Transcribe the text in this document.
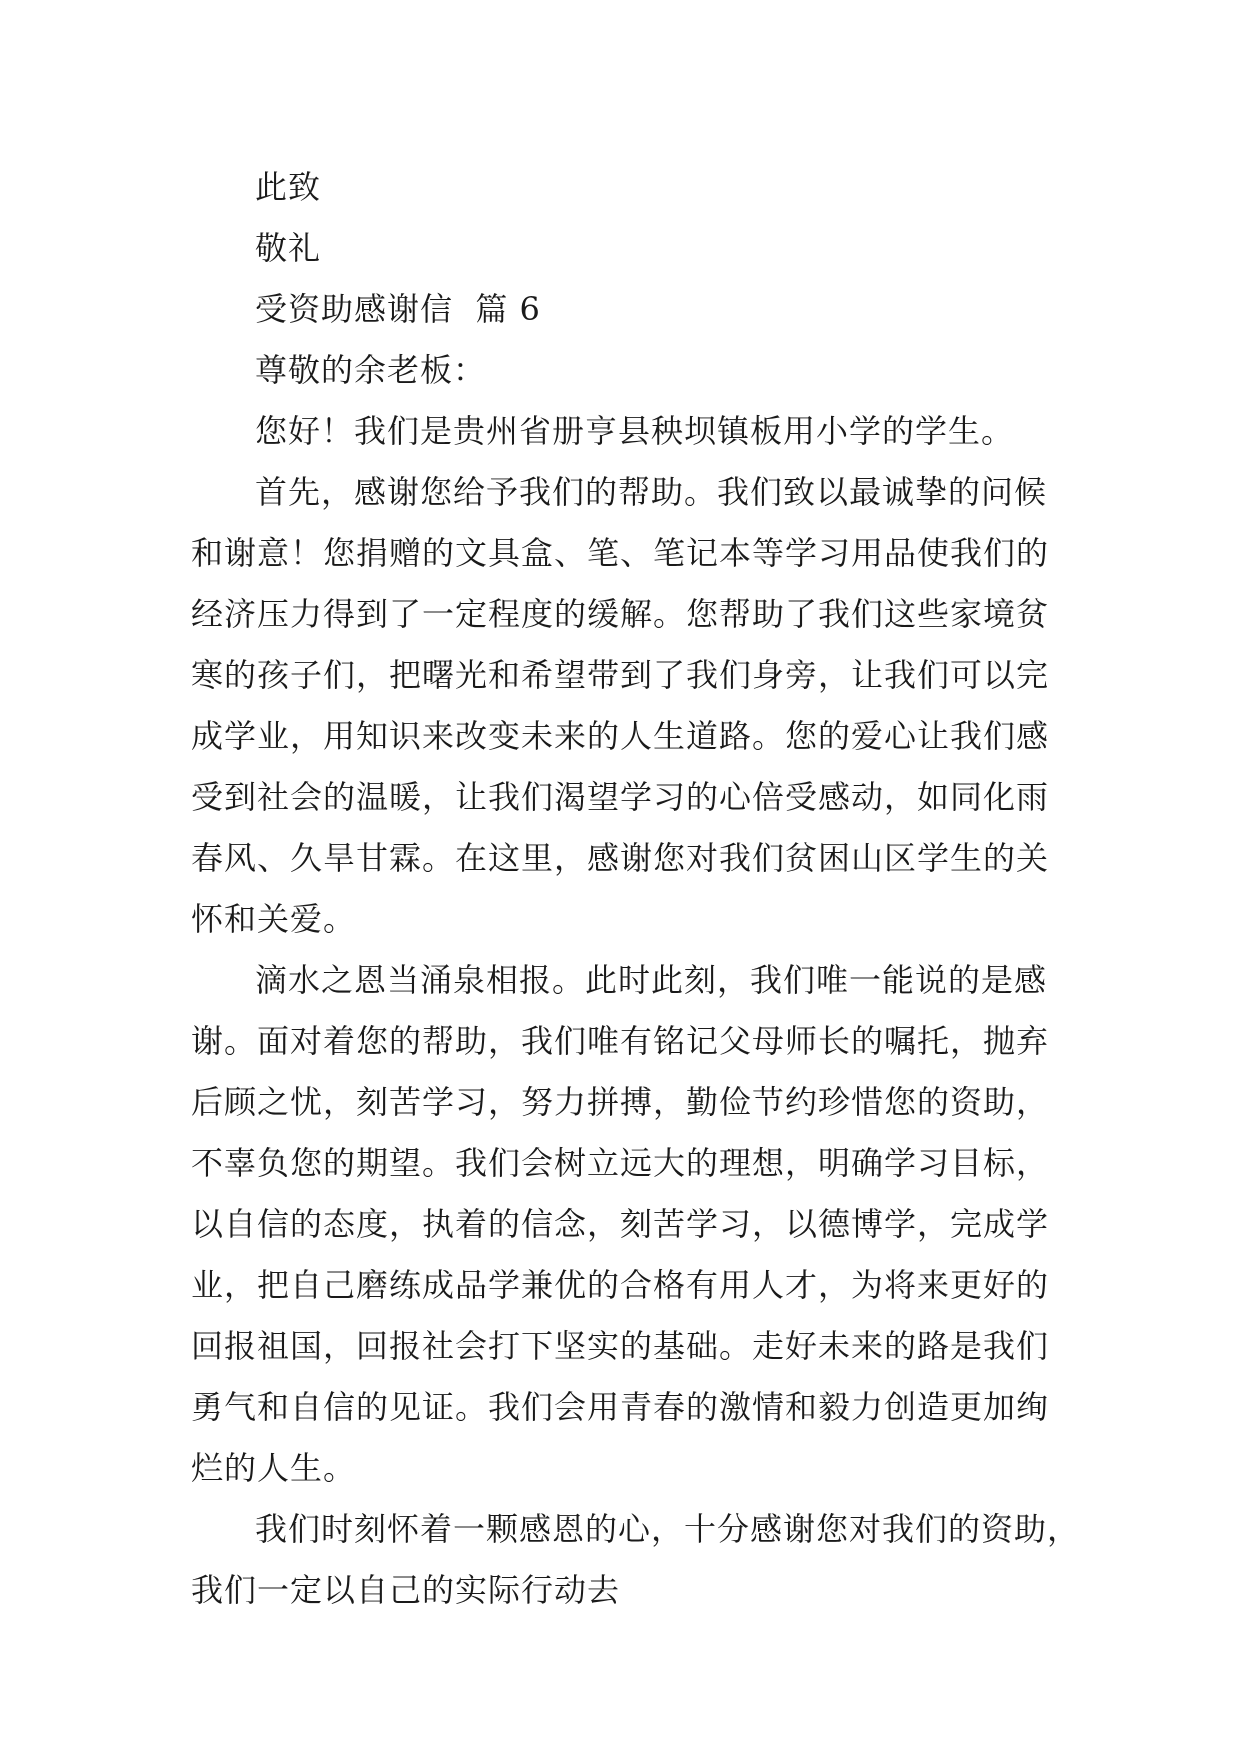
此致
敬礼
受资助感谢信  篇 6
尊敬的余老板：
您好！我们是贵州省册亨县秧坝镇板用小学的学生。
首先，感谢您给予我们的帮助。我们致以最诚挚的问候
和谢意！您捐赠的文具盒、笔、笔记本等学习用品使我们的
经济压力得到了一定程度的缓解。您帮助了我们这些家境贫
寒的孩子们，把曙光和希望带到了我们身旁，让我们可以完
成学业，用知识来改变未来的人生道路。您的爱心让我们感
受到社会的温暖，让我们渴望学习的心倍受感动，如同化雨
春风、久旱甘霖。在这里，感谢您对我们贫困山区学生的关
怀和关爱。
滴水之恩当涌泉相报。此时此刻，我们唯一能说的是感
谢。面对着您的帮助，我们唯有铭记父母师长的嘱托，抛弃
后顾之忧，刻苦学习，努力拼搏，勤俭节约珍惜您的资助，
不辜负您的期望。我们会树立远大的理想，明确学习目标，
以自信的态度，执着的信念，刻苦学习，以德博学，完成学
业，把自己磨练成品学兼优的合格有用人才，为将来更好的
回报祖国，回报社会打下坚实的基础。走好未来的路是我们
勇气和自信的见证。我们会用青春的激情和毅力创造更加绚
烂的人生。
我们时刻怀着一颗感恩的心，十分感谢您对我们的资助，
我们一定以自己的实际行动去
